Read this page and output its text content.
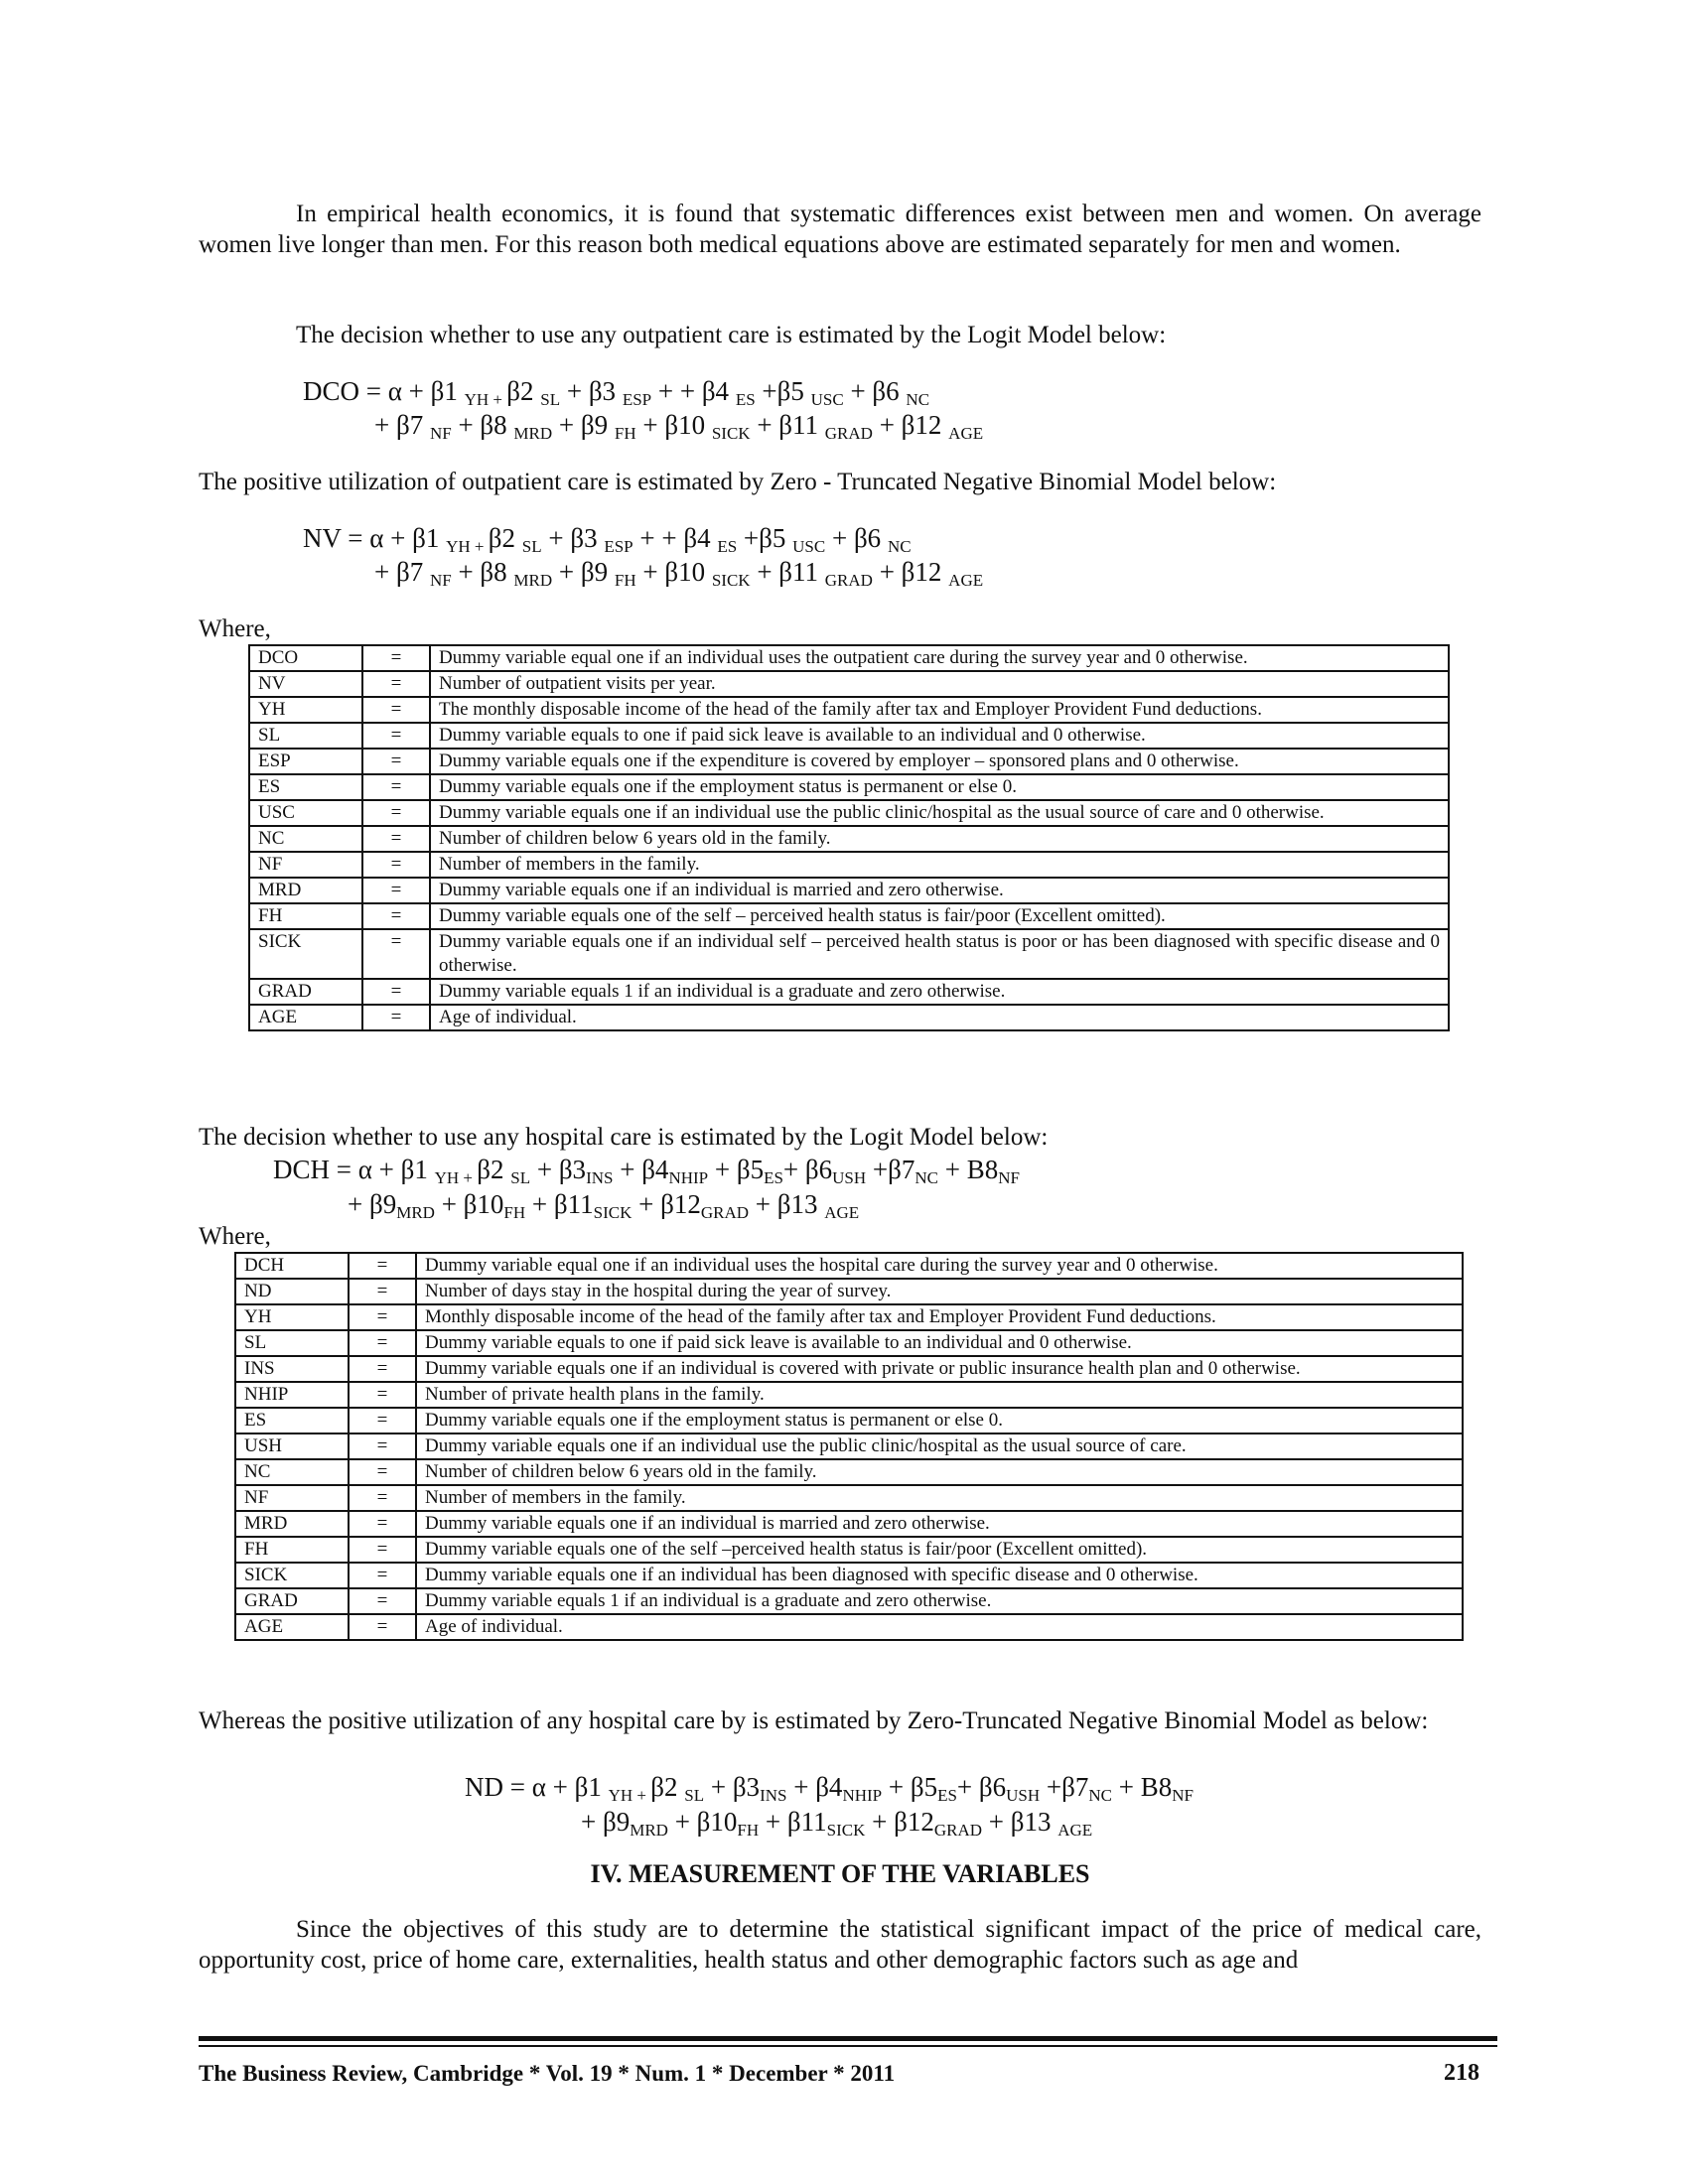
In empirical health economics, it is found that systematic differences exist between men and women. On average women live longer than men. For this reason both medical equations above are estimated separately for men and women.

The decision whether to use any outpatient care is estimated by the Logit Model below:

DCO = α + β1 $_{YH +}$ β2 $_{SL}$ + β3 $_{ESP}$ + + β4 $_{ES}$ +β5 $_{USC}$ + β6 $_{NC}$
+ β7 $_{NF}$ + β8 $_{MRD}$ + β9 $_{FH}$ + β10 $_{SICK}$ + β11 $_{GRAD}$ + β12 $_{AGE}$

The positive utilization of outpatient care is estimated by Zero - Truncated Negative Binomial Model below:

NV = α + β1 $_{YH +}$ β2 $_{SL}$ + β3 $_{ESP}$ + + β4 $_{ES}$ +β5 $_{USC}$ + β6 $_{NC}$
+ β7 $_{NF}$ + β8 $_{MRD}$ + β9 $_{FH}$ + β10 $_{SICK}$ + β11 $_{GRAD}$ + β12 $_{AGE}$
Where,
DCO	=	Dummy variable equal one if an individual uses the outpatient care during the survey year and 0 otherwise.
NV	=	Number of outpatient visits per year.
YH	=	The monthly disposable income of the head of the family after tax and Employer Provident Fund deductions.
SL	=	Dummy variable equals to one if paid sick leave is available to an individual and 0 otherwise.
ESP	=	Dummy variable equals one if the expenditure is covered by employer – sponsored plans and 0 otherwise.
ES	=	Dummy variable equals one if the employment status is permanent or else 0.
USC	=	Dummy variable equals one if an individual use the public clinic/hospital as the usual source of care and 0 otherwise.
NC	=	Number of children below 6 years old in the family.
NF	=	Number of members in the family.
MRD	=	Dummy variable equals one if an individual is married and zero otherwise.
FH	=	Dummy variable equals one of the self – perceived health status is fair/poor (Excellent omitted).
SICK	=	Dummy variable equals one if an individual self – perceived health status is poor or has been diagnosed with specific disease and 0 otherwise.
GRAD	=	Dummy variable equals 1 if an individual is a graduate and zero otherwise.
AGE	=	Age of individual.

The decision whether to use any hospital care is estimated by the Logit Model below:

DCH = α + β1 $_{YH +}$ β2 $_{SL} + \beta 3_{INS} + \beta 4_{NHIP} + \beta 5_{ES}+ \beta 6_{USH} +\beta 7_{NC} + B8_{NF}$
+ $\beta 9_{MRD} + \beta 10_{FH} + \beta 11_{SICK} + \beta 12_{GRAD} + \beta 13$ $_{AGE}$
Where,
DCH	=	Dummy variable equal one if an individual uses the hospital care during the survey year and 0 otherwise.
ND	=	Number of days stay in the hospital during the year of survey.
YH	=	Monthly disposable income of the head of the family after tax and Employer Provident Fund deductions.
SL	=	Dummy variable equals to one if paid sick leave is available to an individual and 0 otherwise.
INS	=	Dummy variable equals one if an individual is covered with private or public insurance health plan and 0 otherwise.
NHIP	=	Number of private health plans in the family.
ES	=	Dummy variable equals one if the employment status is permanent or else 0.
USH	=	Dummy variable equals one if an individual use the public clinic/hospital as the usual source of care.
NC	=	Number of children below 6 years old in the family.
NF	=	Number of members in the family.
MRD	=	Dummy variable equals one if an individual is married and zero otherwise.
FH	=	Dummy variable equals one of the self –perceived health status is fair/poor (Excellent omitted).
SICK	=	Dummy variable equals one if an individual has been diagnosed with specific disease and 0 otherwise.
GRAD	=	Dummy variable equals 1 if an individual is a graduate and zero otherwise.
AGE	=	Age of individual.

Whereas the positive utilization of any hospital care by is estimated by Zero-Truncated Negative Binomial Model as below:

ND = α + β1 $_{YH +}$ β2 $_{SL} + \beta 3_{INS} + \beta 4_{NHIP} + \beta 5_{ES}+ \beta 6_{USH} +\beta 7_{NC} + B8_{NF}$
+ $\beta 9_{MRD} + \beta 10_{FH} + \beta 11_{SICK} + \beta 12_{GRAD} + \beta 13$ $_{AGE}$
IV. MEASUREMENT OF THE VARIABLES

Since the objectives of this study are to determine the statistical significant impact of the price of medical care, opportunity cost, price of home care, externalities, health status and other demographic factors such as age and

The Business Review, Cambridge * Vol. 19 * Num. 1 * December * 2011	218
